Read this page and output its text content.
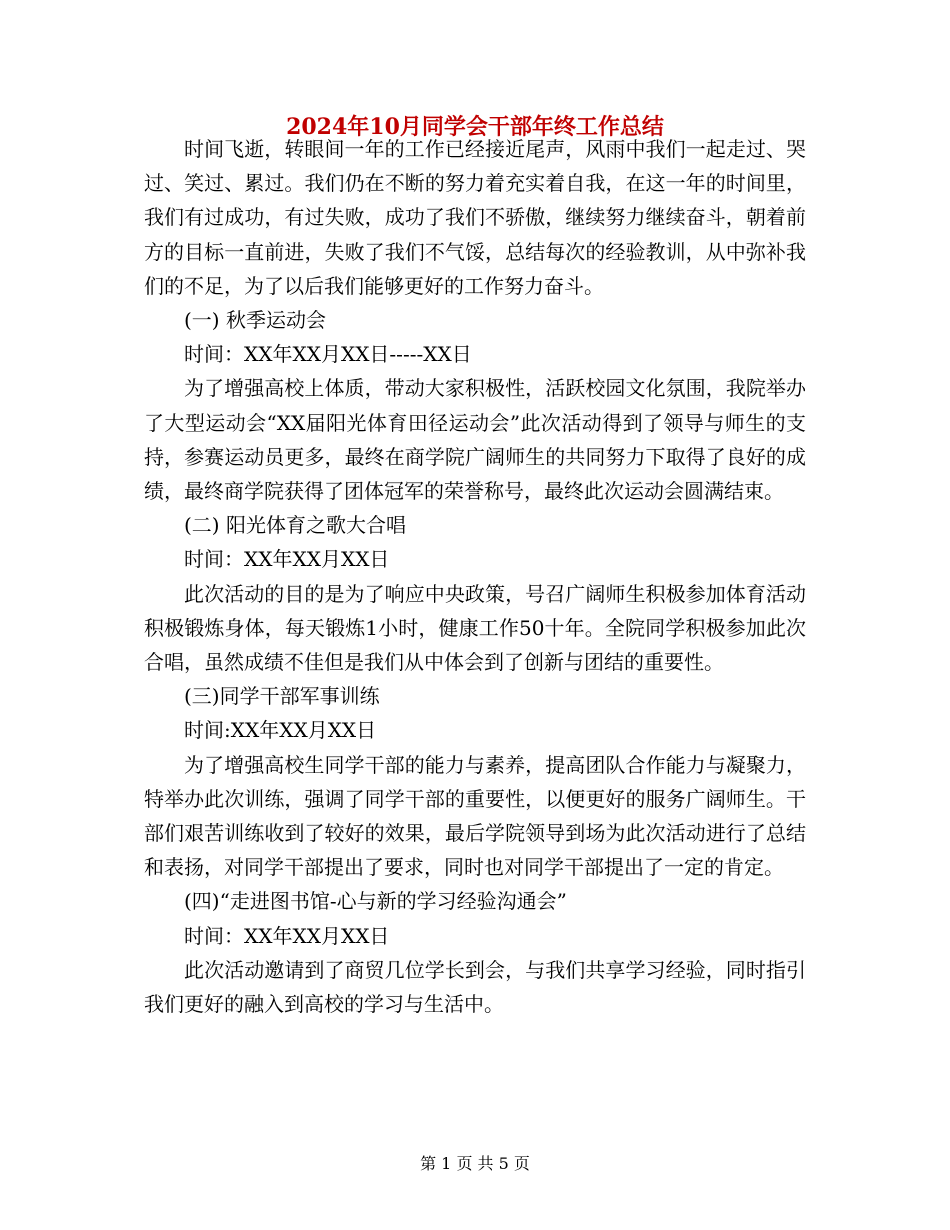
2024年10月同学会干部年终工作总结

时间飞逝，转眼间一年的工作已经接近尾声，风雨中我们一起走过、哭过、笑过、累过。我们仍在不断的努力着充实着自我，在这一年的时间里，我们有过成功，有过失败，成功了我们不骄傲，继续努力继续奋斗，朝着前方的目标一直前进，失败了我们不气馁，总结每次的经验教训，从中弥补我们的不足，为了以后我们能够更好的工作努力奋斗。

(一) 秋季运动会

时间：XX年XX月XX日-----XX日

为了增强高校上体质，带动大家积极性，活跃校园文化氛围，我院举办了大型运动会“XX届阳光体育田径运动会”此次活动得到了领导与师生的支持，参赛运动员更多，最终在商学院广阔师生的共同努力下取得了良好的成绩，最终商学院获得了团体冠军的荣誉称号，最终此次运动会圆满结束。

(二) 阳光体育之歌大合唱

时间：XX年XX月XX日

此次活动的目的是为了响应中央政策，号召广阔师生积极参加体育活动积极锻炼身体，每天锻炼1小时，健康工作50十年。全院同学积极参加此次合唱，虽然成绩不佳但是我们从中体会到了创新与团结的重要性。

(三)同学干部军事训练

时间:XX年XX月XX日

为了增强高校生同学干部的能力与素养，提高团队合作能力与凝聚力，特举办此次训练，强调了同学干部的重要性，以便更好的服务广阔师生。干部们艰苦训练收到了较好的效果，最后学院领导到场为此次活动进行了总结和表扬，对同学干部提出了要求，同时也对同学干部提出了一定的肯定。

(四)“走进图书馆-心与新的学习经验沟通会”

时间：XX年XX月XX日

此次活动邀请到了商贸几位学长到会，与我们共享学习经验，同时指引我们更好的融入到高校的学习与生活中。

第 1 页 共 5 页
